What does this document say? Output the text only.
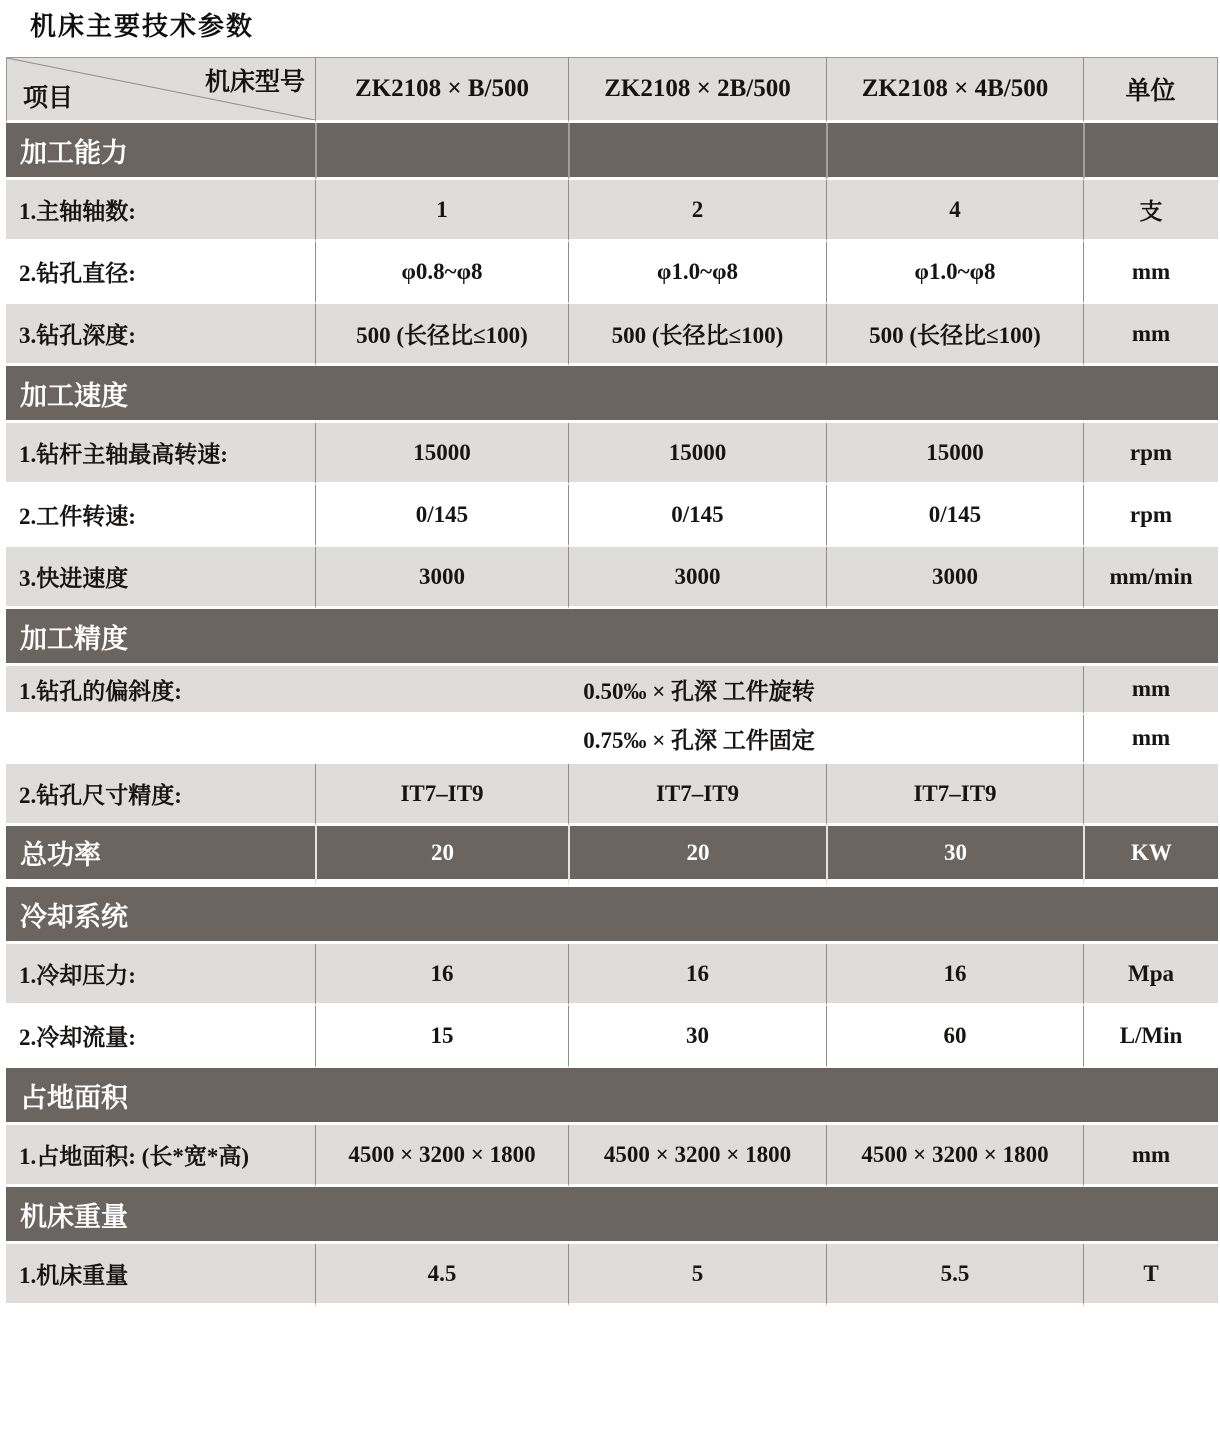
机床主要技术参数
机床型号
项目	ZK2108 × B/500	ZK2108 × 2B/500	ZK2108 × 4B/500	单位
加工能力				
1.主轴轴数:	1	2	4	支
2.钻孔直径:	φ0.8~φ8	φ1.0~φ8	φ1.0~φ8	mm
3.钻孔深度:	500 (长径比≤100)	500 (长径比≤100)	500 (长径比≤100)	mm
加工速度				
1.钻杆主轴最高转速:	15000	15000	15000	rpm
2.工件转速:	0/145	0/145	0/145	rpm
3.快进速度	3000	3000	3000	mm/min
加工精度				
1.钻孔的偏斜度:	0.50‰ × 孔深 工件旋转			mm
	0.75‰ × 孔深 工件固定			mm
2.钻孔尺寸精度:	IT7–IT9	IT7–IT9	IT7–IT9	
总功率	20	20	30	KW
冷却系统				
1.冷却压力:	16	16	16	Mpa
2.冷却流量:	15	30	60	L/Min
占地面积				
1.占地面积: (长*宽*高)	4500 × 3200 × 1800	4500 × 3200 × 1800	4500 × 3200 × 1800	mm
机床重量				
1.机床重量	4.5	5	5.5	T
